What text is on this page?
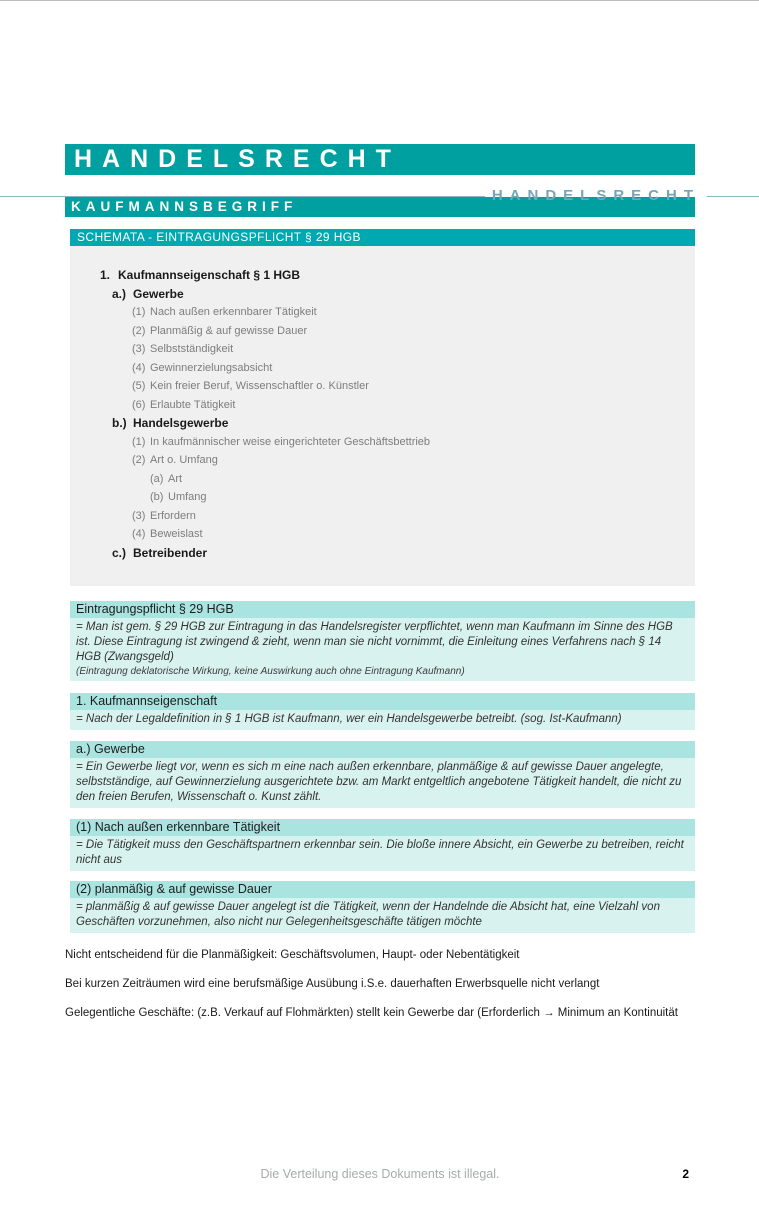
HANDELSRECHT
HANDELSRECHT
KAUFMANNSBEGRIFF
SCHEMATA - EINTRAGUNGSPFLICHT § 29 HGB
1. Kaufmannseigenschaft § 1 HGB
a.) Gewerbe
(1) Nach außen erkennbarer Tätigkeit
(2) Planmäßig & auf gewisse Dauer
(3) Selbstständigkeit
(4) Gewinnerzielungsabsicht
(5) Kein freier Beruf, Wissenschaftler o. Künstler
(6) Erlaubte Tätigkeit
b.) Handelsgewerbe
(1) In kaufmännischer weise eingerichteter Geschäftsbettrieb
(2) Art o. Umfang
(a) Art
(b) Umfang
(3) Erfordern
(4) Beweislast
c.) Betreibender
Eintragungspflicht § 29 HGB
= Man ist gem. § 29 HGB zur Eintragung in das Handelsregister verpflichtet, wenn man Kaufmann im Sinne des HGB ist. Diese Eintragung ist zwingend & zieht, wenn man sie nicht vornimmt, die Einleitung eines Verfahrens nach § 14 HGB (Zwangsgeld)
(Eintragung deklatorische Wirkung, keine Auswirkung auch ohne Eintragung Kaufmann)
1. Kaufmannseigenschaft
= Nach der Legaldefinition in § 1 HGB ist Kaufmann, wer ein Handelsgewerbe betreibt. (sog. Ist-Kaufmann)
a.) Gewerbe
= Ein Gewerbe liegt vor, wenn es sich m eine nach außen erkennbare, planmäßige & auf gewisse Dauer angelegte, selbstständige, auf Gewinnerzielung ausgerichtete bzw. am Markt entgeltlich angebotene Tätigkeit handelt, die nicht zu den freien Berufen, Wissenschaft o. Kunst zählt.
(1) Nach außen erkennbare Tätigkeit
= Die Tätigkeit muss den Geschäftspartnern erkennbar sein. Die bloße innere Absicht, ein Gewerbe zu betreiben, reicht nicht aus
(2) planmäßig & auf gewisse Dauer
= planmäßig & auf gewisse Dauer angelegt ist die Tätigkeit, wenn der Handelnde die Absicht hat, eine Vielzahl von Geschäften vorzunehmen, also nicht nur Gelegenheitsgeschäfte tätigen möchte

Nicht entscheidend für die Planmäßigkeit: Geschäftsvolumen, Haupt- oder Nebentätigkeit

Bei kurzen Zeiträumen wird eine berufsmäßige Ausübung i.S.e. dauerhaften Erwerbsquelle nicht verlangt

Gelegentliche Geschäfte: (z.B. Verkauf auf Flohmärkten) stellt kein Gewerbe dar (Erforderlich → Minimum an Kontinuität

Die Verteilung dieses Dokuments ist illegal.	2
